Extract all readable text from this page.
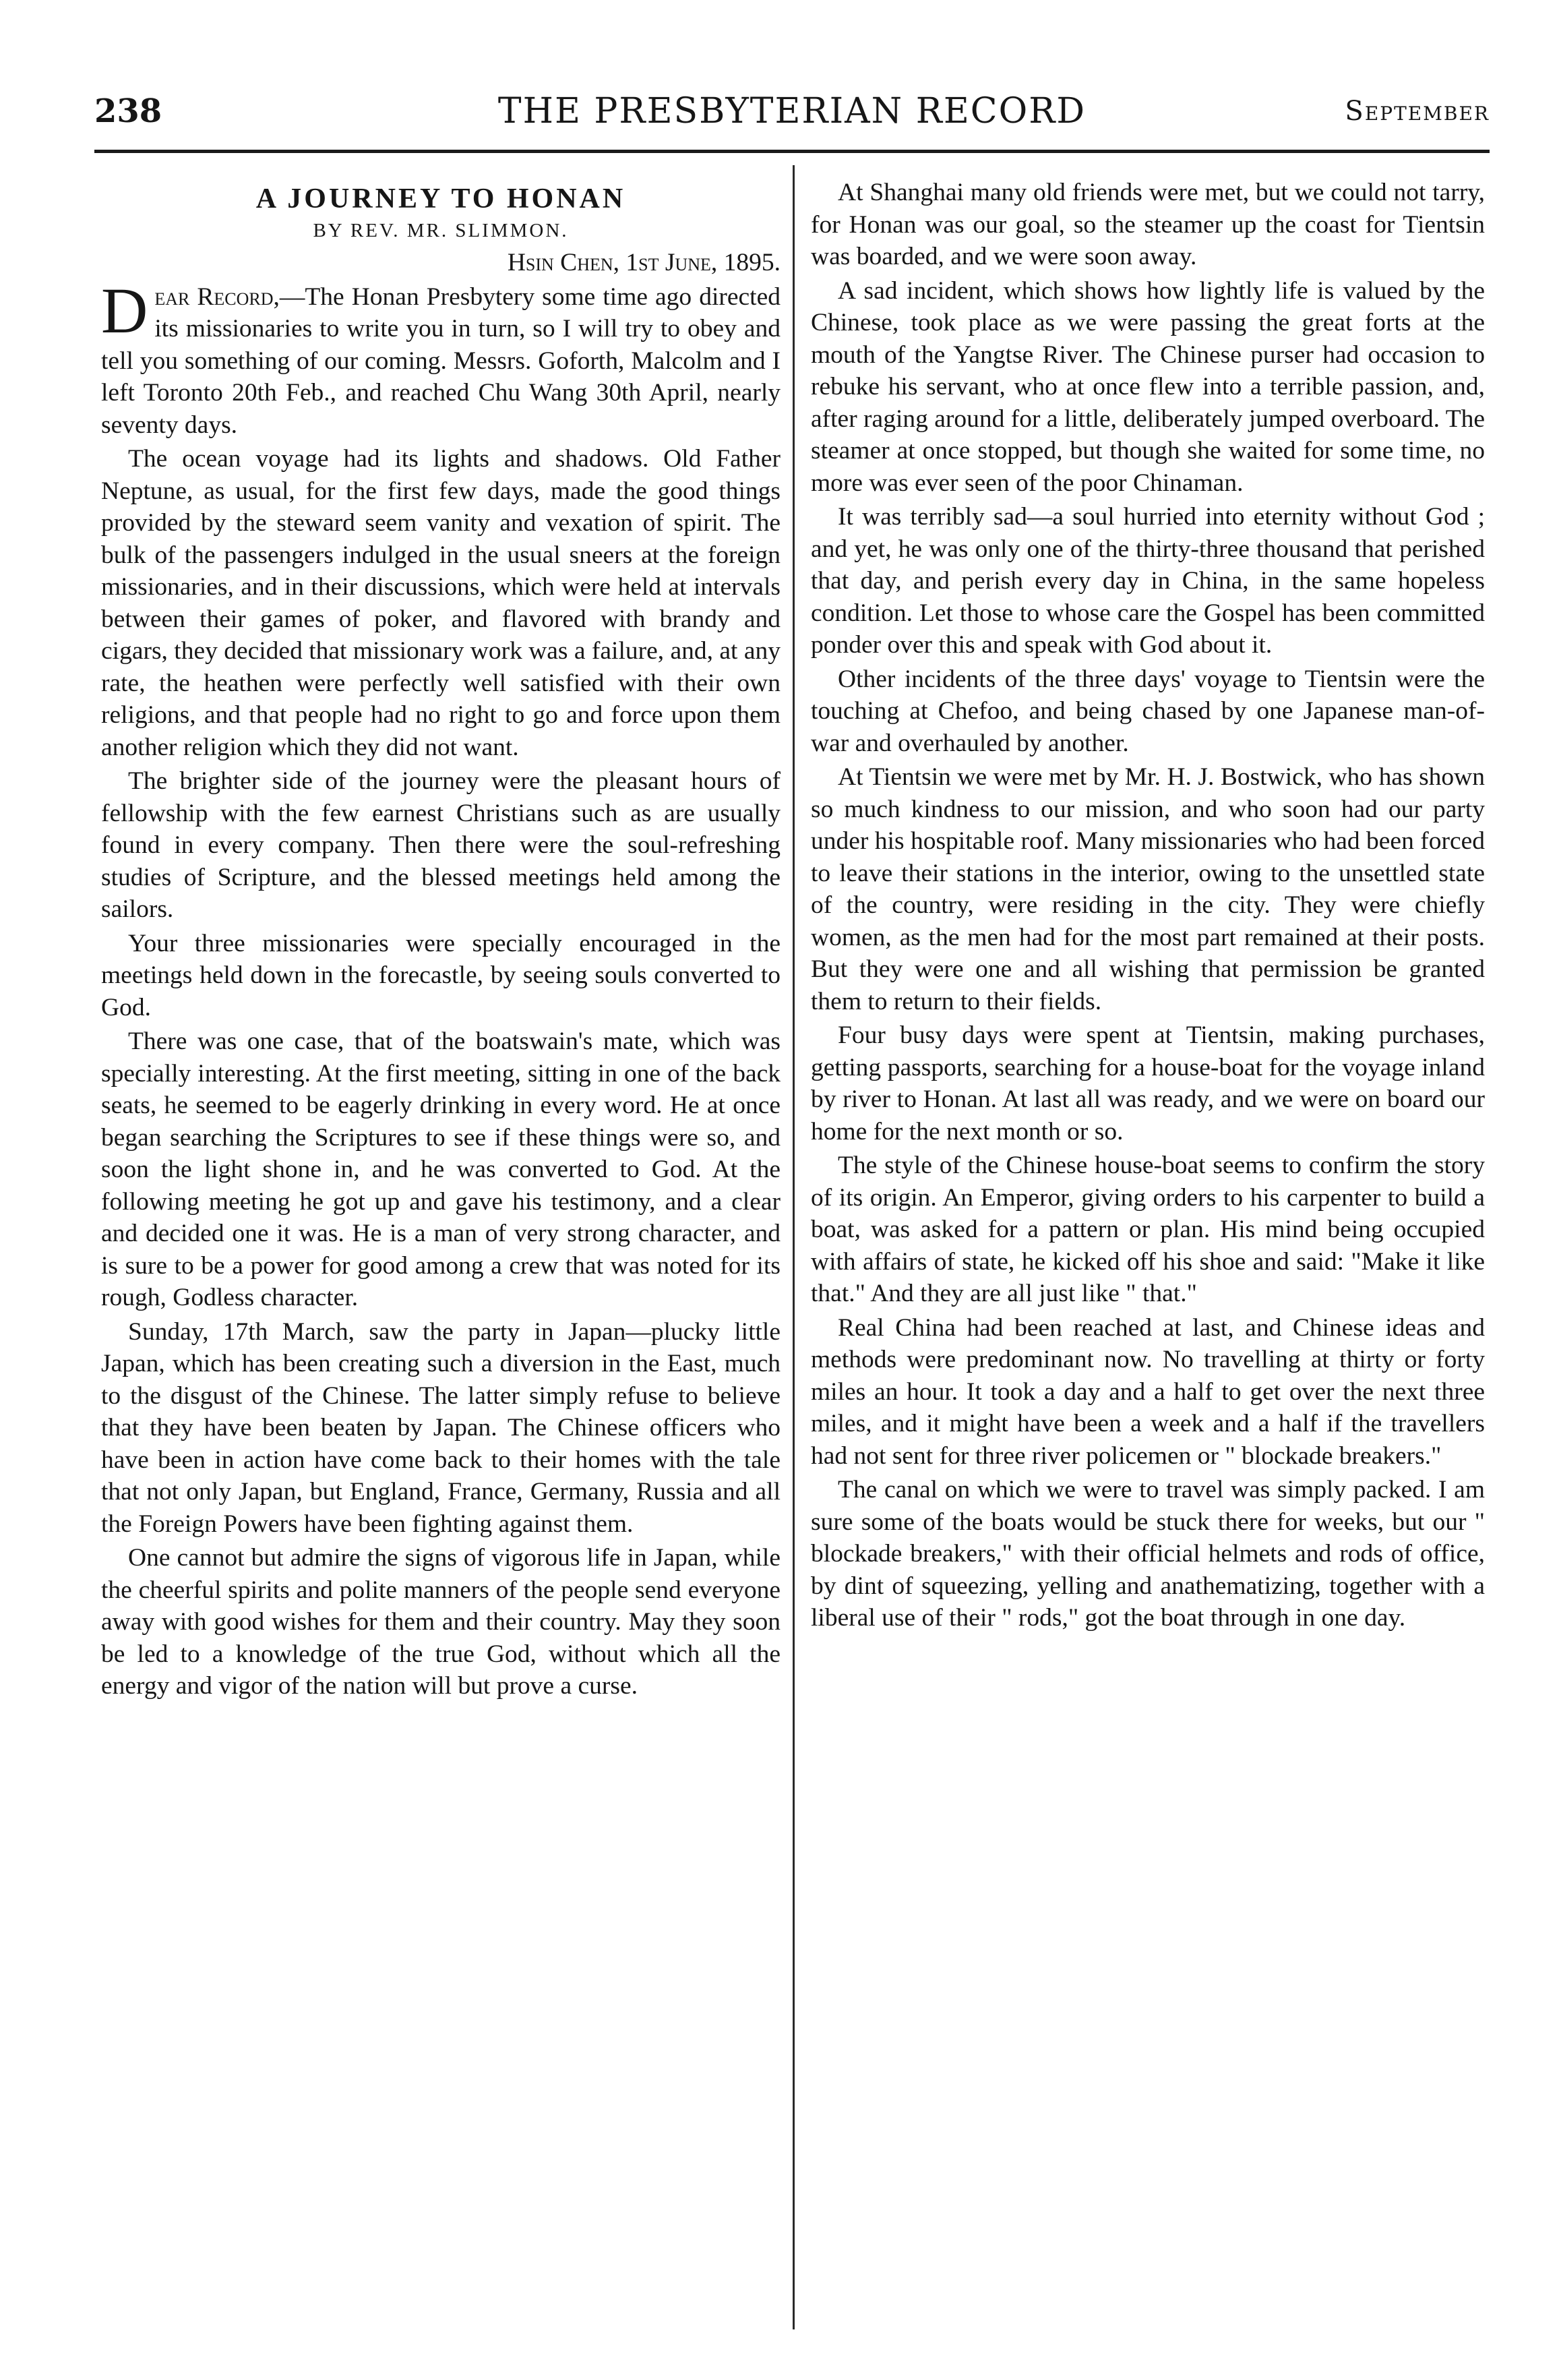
238	THE PRESBYTERIAN RECORD	September
A JOURNEY TO HONAN
BY REV. MR. SLIMMON.

Hsin Chen, 1st June, 1895.

Dear Record,—The Honan Presbytery some time ago directed its missionaries to write you in turn, so I will try to obey and tell you something of our coming. Messrs. Goforth, Malcolm and I left Toronto 20th Feb., and reached Chu Wang 30th April, nearly seventy days.

The ocean voyage had its lights and shadows. Old Father Neptune, as usual, for the first few days, made the good things provided by the steward seem vanity and vexation of spirit. The bulk of the passengers indulged in the usual sneers at the foreign missionaries, and in their discussions, which were held at intervals between their games of poker, and flavored with brandy and cigars, they decided that missionary work was a failure, and, at any rate, the heathen were perfectly well satisfied with their own religions, and that people had no right to go and force upon them another religion which they did not want.

The brighter side of the journey were the pleasant hours of fellowship with the few earnest Christians such as are usually found in every company. Then there were the soul-refreshing studies of Scripture, and the blessed meetings held among the sailors.

Your three missionaries were specially encouraged in the meetings held down in the forecastle, by seeing souls converted to God.

There was one case, that of the boatswain's mate, which was specially interesting. At the first meeting, sitting in one of the back seats, he seemed to be eagerly drinking in every word. He at once began searching the Scriptures to see if these things were so, and soon the light shone in, and he was converted to God. At the following meeting he got up and gave his testimony, and a clear and decided one it was. He is a man of very strong character, and is sure to be a power for good among a crew that was noted for its rough, Godless character.

Sunday, 17th March, saw the party in Japan—plucky little Japan, which has been creating such a diversion in the East, much to the disgust of the Chinese. The latter simply refuse to believe that they have been beaten by Japan. The Chinese officers who have been in action have come back to their homes with the tale that not only Japan, but England, France, Germany, Russia and all the Foreign Powers have been fighting against them.

One cannot but admire the signs of vigorous life in Japan, while the cheerful spirits and polite manners of the people send everyone away with good wishes for them and their country. May they soon be led to a knowledge of the true God, without which all the energy and vigor of the nation will but prove a curse.

At Shanghai many old friends were met, but we could not tarry, for Honan was our goal, so the steamer up the coast for Tientsin was boarded, and we were soon away.

A sad incident, which shows how lightly life is valued by the Chinese, took place as we were passing the great forts at the mouth of the Yangtse River. The Chinese purser had occasion to rebuke his servant, who at once flew into a terrible passion, and, after raging around for a little, deliberately jumped overboard. The steamer at once stopped, but though she waited for some time, no more was ever seen of the poor Chinaman.

It was terribly sad—a soul hurried into eternity without God ; and yet, he was only one of the thirty-three thousand that perished that day, and perish every day in China, in the same hopeless condition. Let those to whose care the Gospel has been committed ponder over this and speak with God about it.

Other incidents of the three days' voyage to Tientsin were the touching at Chefoo, and being chased by one Japanese man-of-war and overhauled by another.

At Tientsin we were met by Mr. H. J. Bostwick, who has shown so much kindness to our mission, and who soon had our party under his hospitable roof. Many missionaries who had been forced to leave their stations in the interior, owing to the unsettled state of the country, were residing in the city. They were chiefly women, as the men had for the most part remained at their posts. But they were one and all wishing that permission be granted them to return to their fields.

Four busy days were spent at Tientsin, making purchases, getting passports, searching for a house-boat for the voyage inland by river to Honan. At last all was ready, and we were on board our home for the next month or so.

The style of the Chinese house-boat seems to confirm the story of its origin. An Emperor, giving orders to his carpenter to build a boat, was asked for a pattern or plan. His mind being occupied with affairs of state, he kicked off his shoe and said: "Make it like that." And they are all just like " that."

Real China had been reached at last, and Chinese ideas and methods were predominant now. No travelling at thirty or forty miles an hour. It took a day and a half to get over the next three miles, and it might have been a week and a half if the travellers had not sent for three river policemen or " blockade breakers."

The canal on which we were to travel was simply packed. I am sure some of the boats would be stuck there for weeks, but our " blockade breakers," with their official helmets and rods of office, by dint of squeezing, yelling and anathematizing, together with a liberal use of their " rods," got the boat through in one day.
